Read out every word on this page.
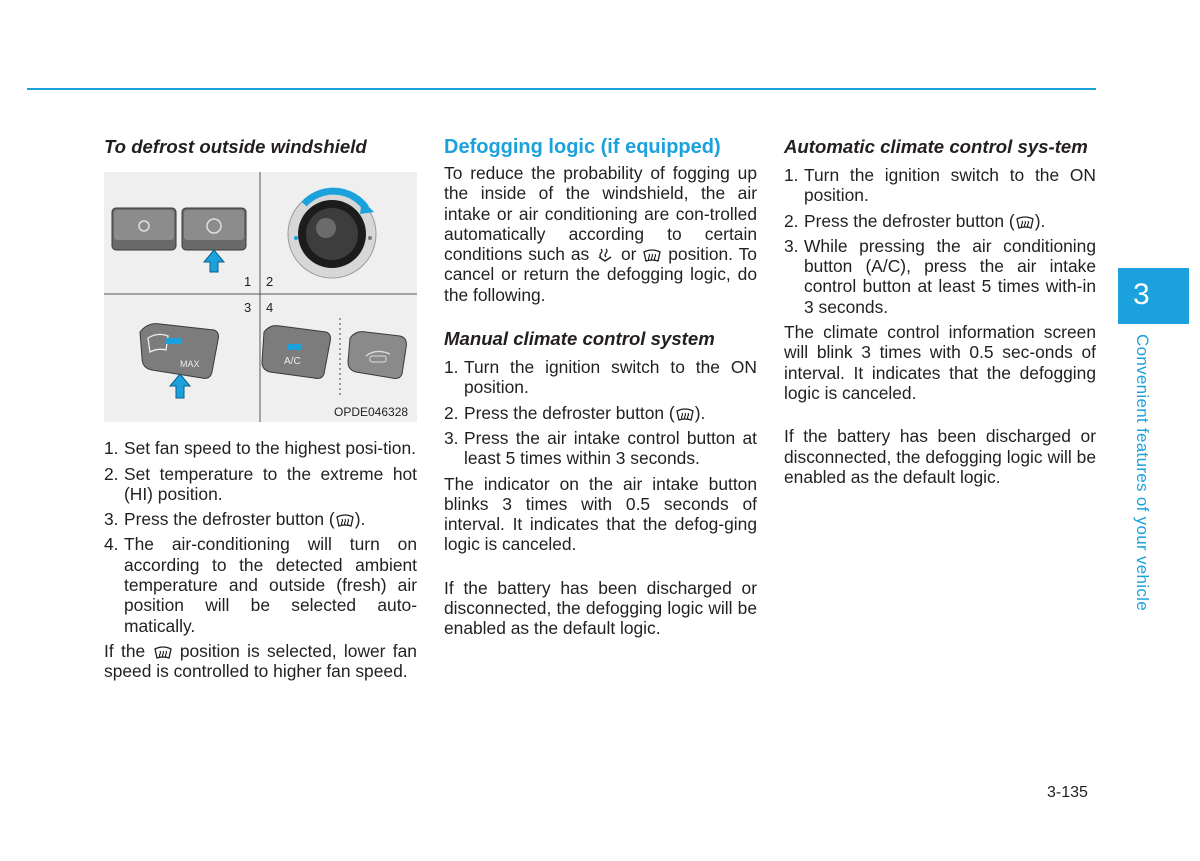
To defrost outside windshield
1 2
3 4
MAX	A/C
OPDE046328
1. Set fan speed to the highest posi-tion.
2. Set temperature to the extreme hot (HI) position.
3. Press the defroster button ( ).
4. The air-conditioning will turn on according to the detected ambient temperature and outside (fresh) air position will be selected auto-matically.

If the position is selected, lower fan speed is controlled to higher fan speed.

Defogging logic (if equipped)

To reduce the probability of fogging up the inside of the windshield, the air intake or air conditioning are con-trolled automatically according to certain conditions such as or position. To cancel or return the defogging logic, do the following.

Manual climate control system
1. Turn the ignition switch to the ON position.
2. Press the defroster button ( ).
3. Press the air intake control button at least 5 times within 3 seconds.

The indicator on the air intake button blinks 3 times with 0.5 seconds of interval. It indicates that the defog-ging logic is canceled.

If the battery has been discharged or disconnected, the defogging logic will be enabled as the default logic.

Automatic climate control sys-tem
1. Turn the ignition switch to the ON position.
2. Press the defroster button ( ).
3. While pressing the air conditioning button (A/C), press the air intake control button at least 5 times with-in 3 seconds.

The climate control information screen will blink 3 times with 0.5 sec-onds of interval. It indicates that the defogging logic is canceled.

If the battery has been discharged or disconnected, the defogging logic will be enabled as the default logic.

3
Convenient features of your vehicle
3-135
